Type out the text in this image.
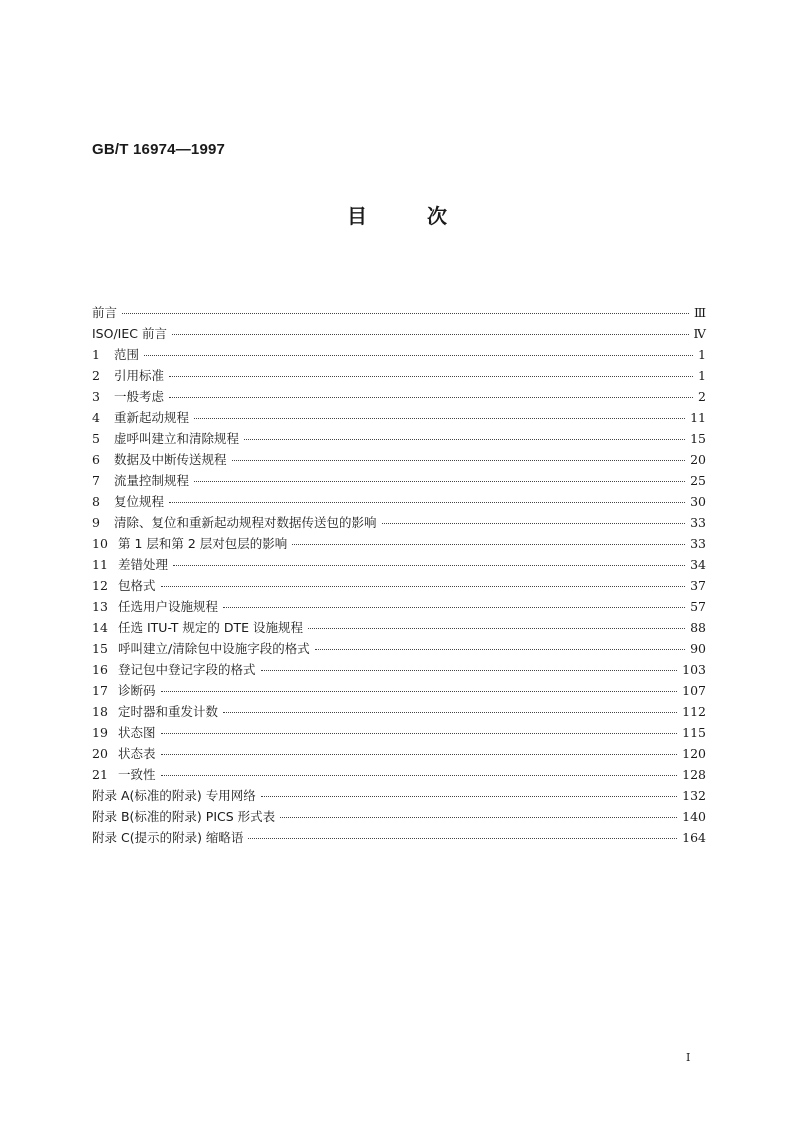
GB/T 16974—1997

目次
前言	Ⅲ
ISO/IEC 前言	Ⅳ
1	范围	1
2	引用标准	1
3	一般考虑	2
4	重新起动规程	11
5	虚呼叫建立和清除规程	15
6	数据及中断传送规程	20
7	流量控制规程	25
8	复位规程	30
9	清除、复位和重新起动规程对数据传送包的影响	33
10 第 1 层和第 2 层对包层的影响	33
11 差错处理	34
12 包格式	37
13 任选用户设施规程	57
14 任选 ITU-T 规定的 DTE 设施规程	88
15 呼叫建立/清除包中设施字段的格式	90
16 登记包中登记字段的格式	103
17 诊断码	107
18 定时器和重发计数	112
19 状态图	115
20 状态表	120
21 一致性	128
附录 A(标准的附录) 专用网络	132
附录 B(标准的附录) PICS 形式表	140
附录 C(提示的附录) 缩略语	164

I
